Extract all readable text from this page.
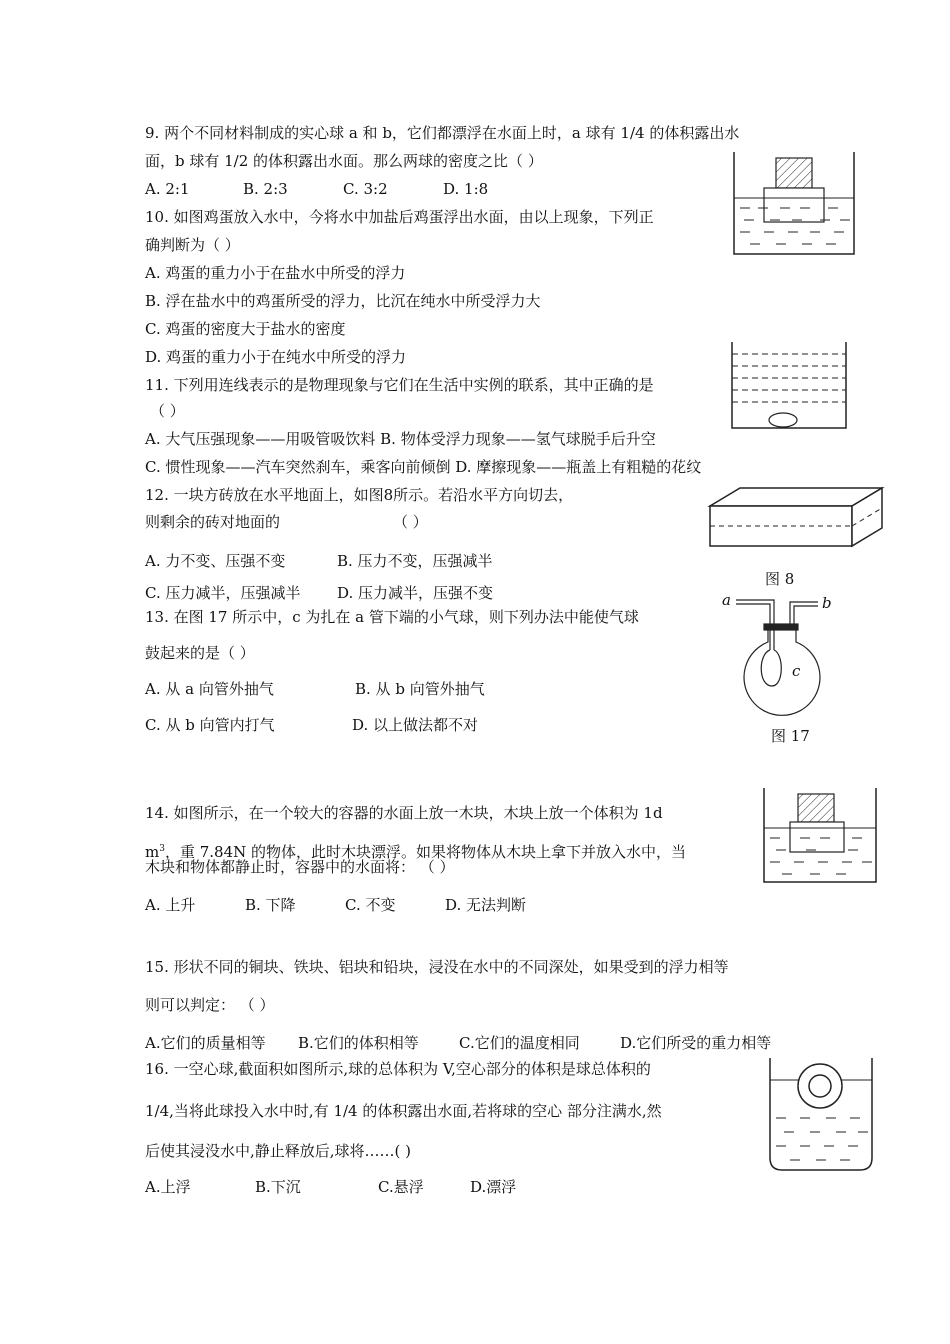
9. 两个不同材料制成的实心球 a 和 b，它们都漂浮在水面上时，a 球有 1/4 的体积露出水
面，b 球有 1/2 的体积露出水面。那么两球的密度之比（ ）
A. 2:1	B. 2:3	C. 3:2	D. 1:8
10. 如图鸡蛋放入水中，今将水中加盐后鸡蛋浮出水面，由以上现象，下列正
确判断为（ ）
A. 鸡蛋的重力小于在盐水中所受的浮力
B. 浮在盐水中的鸡蛋所受的浮力，比沉在纯水中所受浮力大
C. 鸡蛋的密度大于盐水的密度
D. 鸡蛋的重力小于在纯水中所受的浮力
11. 下列用连线表示的是物理现象与它们在生活中实例的联系，其中正确的是
（ ）
A. 大气压强现象——用吸管吸饮料 B. 物体受浮力现象——氢气球脱手后升空
C. 惯性现象——汽车突然刹车，乘客向前倾倒 D. 摩擦现象——瓶盖上有粗糙的花纹
12. 一块方砖放在水平地面上，如图8所示。若沿水平方向切去，
则剩余的砖对地面的	（ ）
A. 力不变、压强不变	B. 压力不变，压强减半
C. 压力减半，压强减半 D. 压力减半，压强不变
图 8
13. 在图 17 所示中，c 为扎在 a 管下端的小气球，则下列办法中能使气球
鼓起来的是（ ）
A. 从 a 向管外抽气	B. 从 b 向管外抽气
C. 从 b 向管内打气	D. 以上做法都不对
a	b
c
图 17
14. 如图所示，在一个较大的容器的水面上放一木块，木块上放一个体积为 1d
$m^3$，重 7.84N 的物体，此时木块漂浮。如果将物体从木块上拿下并放入水中，当
木块和物体都静止时，容器中的水面将： （ ）
A. 上升	B. 下降	C. 不变	D. 无法判断
15. 形状不同的铜块、铁块、铝块和铅块，浸没在水中的不同深处，如果受到的浮力相等
则可以判定： （ ）
A.它们的质量相等 B.它们的体积相等	C.它们的温度相同	D.它们所受的重力相等
16. 一空心球,截面积如图所示,球的总体积为 V,空心部分的体积是球总体积的
1/4,当将此球投入水中时,有 1/4 的体积露出水面,若将球的空心 部分注满水,然
后使其浸没水中,静止释放后,球将……( )
A.上浮	B.下沉	C.悬浮	D.漂浮
